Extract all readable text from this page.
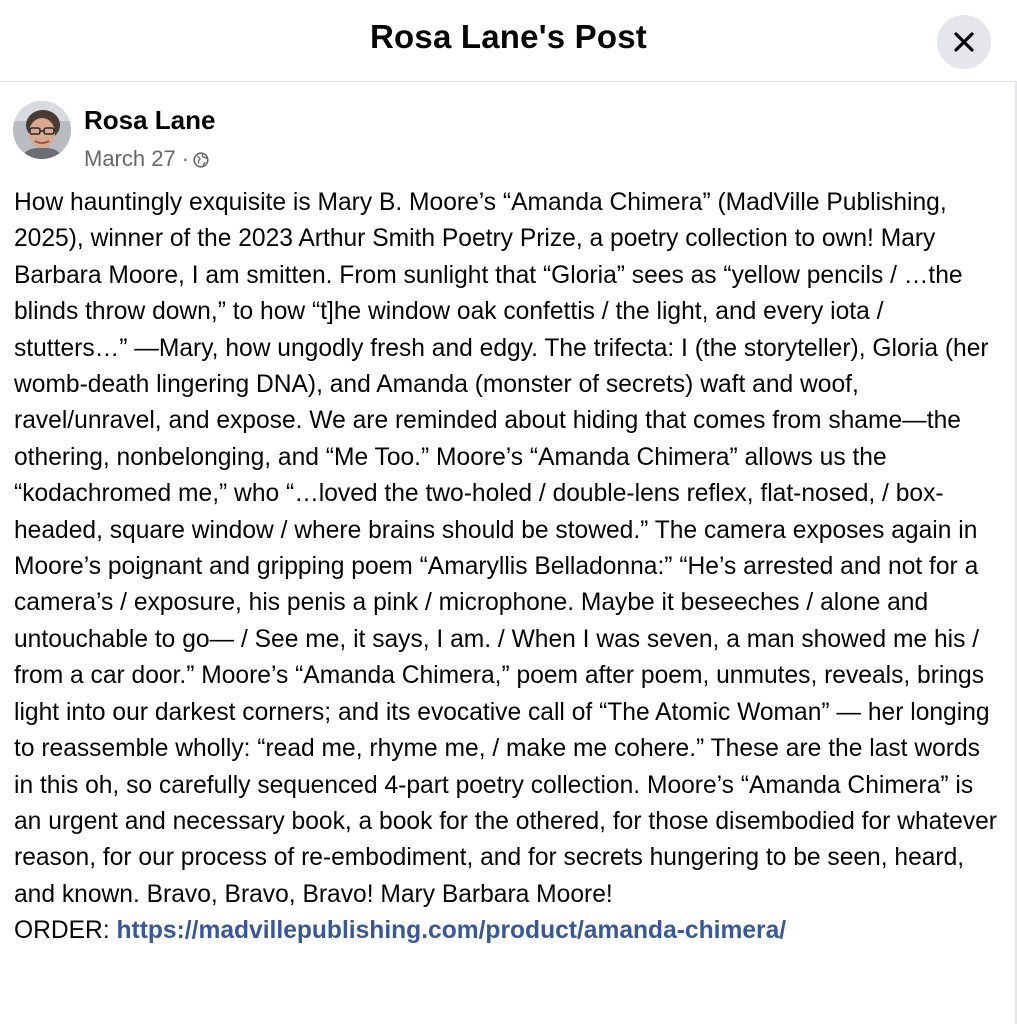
Rosa Lane's Post
Rosa Lane
March 27 ·
How hauntingly exquisite is Mary B. Moore’s “Amanda Chimera” (MadVille Publishing, 2025), winner of the 2023 Arthur Smith Poetry Prize, a poetry collection to own! Mary Barbara Moore, I am smitten. From sunlight that “Gloria” sees as “yellow pencils / …the blinds throw down,” to how “t]he window oak confettis / the light, and every iota / stutters…” —Mary, how ungodly fresh and edgy. The trifecta: I (the storyteller), Gloria (her womb-death lingering DNA), and Amanda (monster of secrets) waft and woof, ravel/unravel, and expose. We are reminded about hiding that comes from shame—the othering, nonbelonging, and “Me Too.” Moore’s “Amanda Chimera” allows us the “kodachromed me,” who “…loved the two-holed / double-lens reflex, flat-nosed, / box-headed, square window / where brains should be stowed.” The camera exposes again in Moore’s poignant and gripping poem “Amaryllis Belladonna:” “He’s arrested and not for a camera’s / exposure, his penis a pink / microphone. Maybe it beseeches / alone and untouchable to go— / See me, it says, I am. / When I was seven, a man showed me his / from a car door.” Moore’s “Amanda Chimera,” poem after poem, unmutes, reveals, brings light into our darkest corners; and its evocative call of “The Atomic Woman” — her longing to reassemble wholly: “read me, rhyme me, / make me cohere.” These are the last words in this oh, so carefully sequenced 4-part poetry collection. Moore’s “Amanda Chimera” is an urgent and necessary book, a book for the othered, for those disembodied for whatever reason, for our process of re-embodiment, and for secrets hungering to be seen, heard, and known. Bravo, Bravo, Bravo! Mary Barbara Moore!
ORDER: https://madvillepublishing.com/product/amanda-chimera/
